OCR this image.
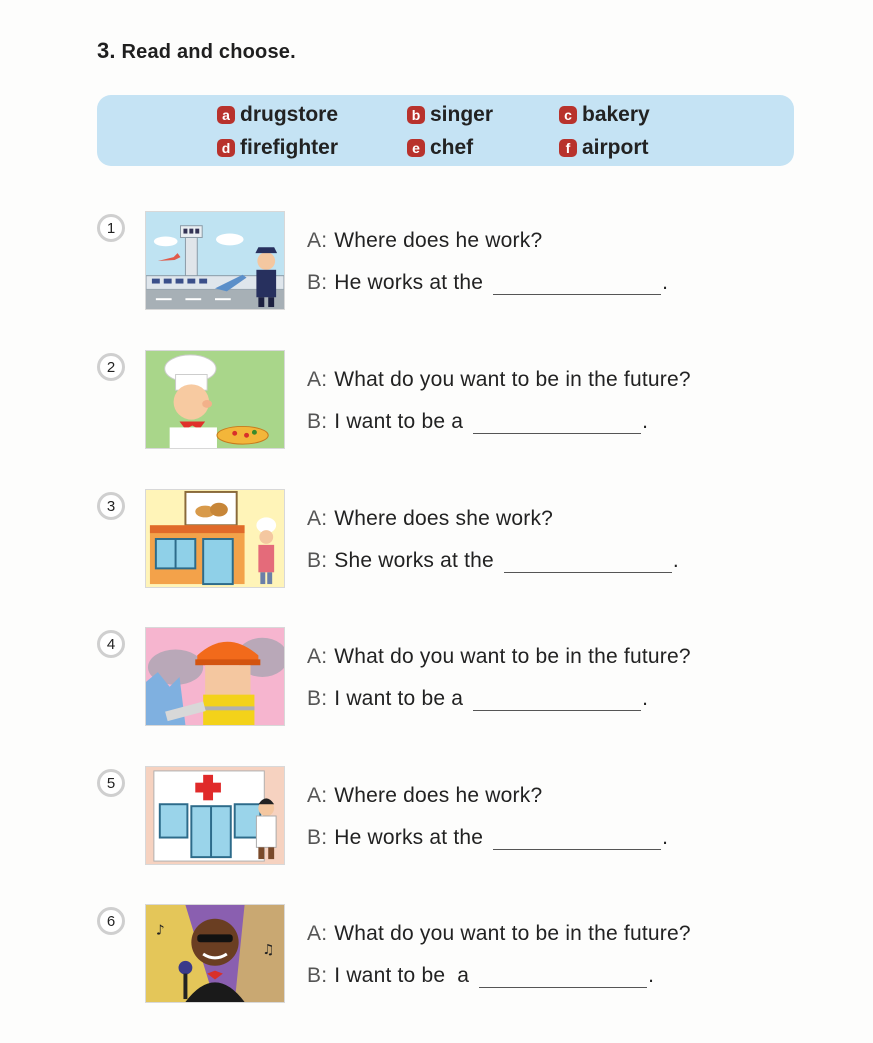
3. Read and choose.
a drugstore	b singer	c bakery
d firefighter	e chef	f airport
1
A: Where does he work?
B: He works at the	.
2
A: What do you want to be in the future?
B: I want to be a	.
3
A: Where does she work?
B: She works at the	.
4
A: What do you want to be in the future?
B: I want to be a	.
5
A: Where does he work?
B: He works at the	.
6
♪
♫
A: What do you want to be in the future?
B: I want to be  a	.
